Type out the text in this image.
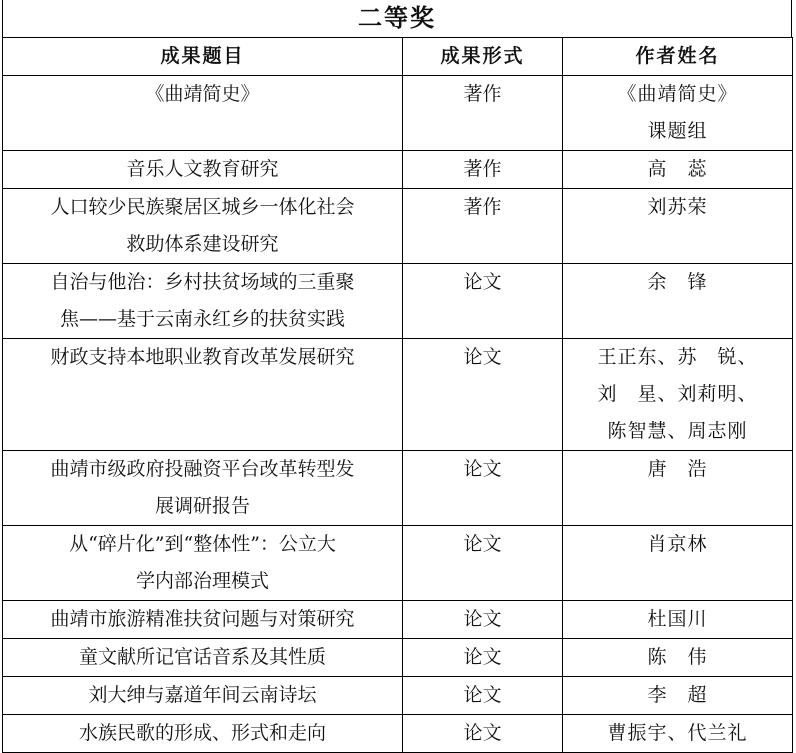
二等奖
成果题目	成果形式	作者姓名

《曲靖简史》	著作	《曲靖简史》
课题组

音乐人文教育研究	著作	高　蕊

人口较少民族聚居区城乡一体化社会
救助体系建设研究	著作	刘苏荣

自治与他治：乡村扶贫场域的三重聚
焦——基于云南永红乡的扶贫实践	论文	余　锋

财政支持本地职业教育改革发展研究	论文	王正东、苏　锐、
刘　星、刘莉明、
陈智慧、周志刚

曲靖市级政府投融资平台改革转型发
展调研报告	论文	唐　浩

从“碎片化”到“整体性”：公立大
学内部治理模式	论文	肖京林

曲靖市旅游精准扶贫问题与对策研究	论文	杜国川

童文献所记官话音系及其性质	论文	陈　伟

刘大绅与嘉道年间云南诗坛	论文	李　超

水族民歌的形成、形式和走向	论文	曹振宇、代兰礼
